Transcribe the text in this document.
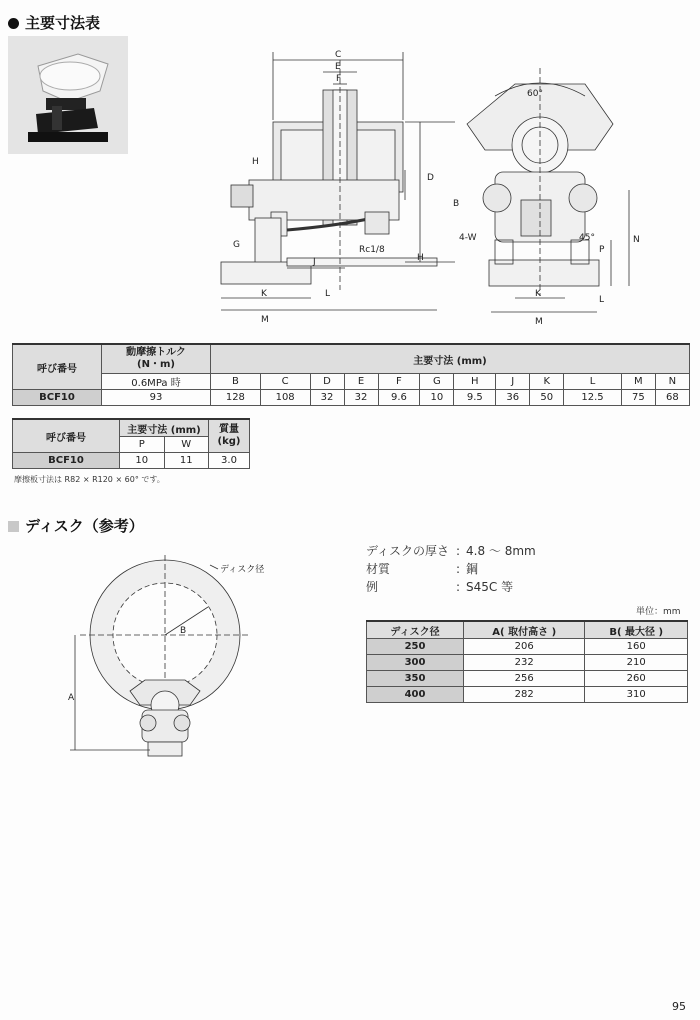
主要寸法表
C
E
F
H
D
B
G
J
Rc1/8
H
K	L
M
60°
4-W	45°	N
P
K
L
M
呼び番号	動摩擦トルク
(N・m)	主要寸法 (mm)											
	0.6MPa 時	B	C	D	E	F	G	H	J	K	L	M	N
BCF10	93	128	108	32	32	9.6	10	9.5	36	50	12.5	75	68
呼び番号	主要寸法 (mm)		質量
(kg)
	P	W	
BCF10	10	11	3.0
摩擦板寸法は R82 × R120 × 60° です。
ディスク（参考）
ディスク径
B
A
ディスクの厚さ : 4.8 ～ 8mm
材質	: 鋼
例	: S45C 等
単位：mm
ディスク径	A( 取付高さ )	B( 最大径 )
250	206	160
300	232	210
350	256	260
400	282	310
95
